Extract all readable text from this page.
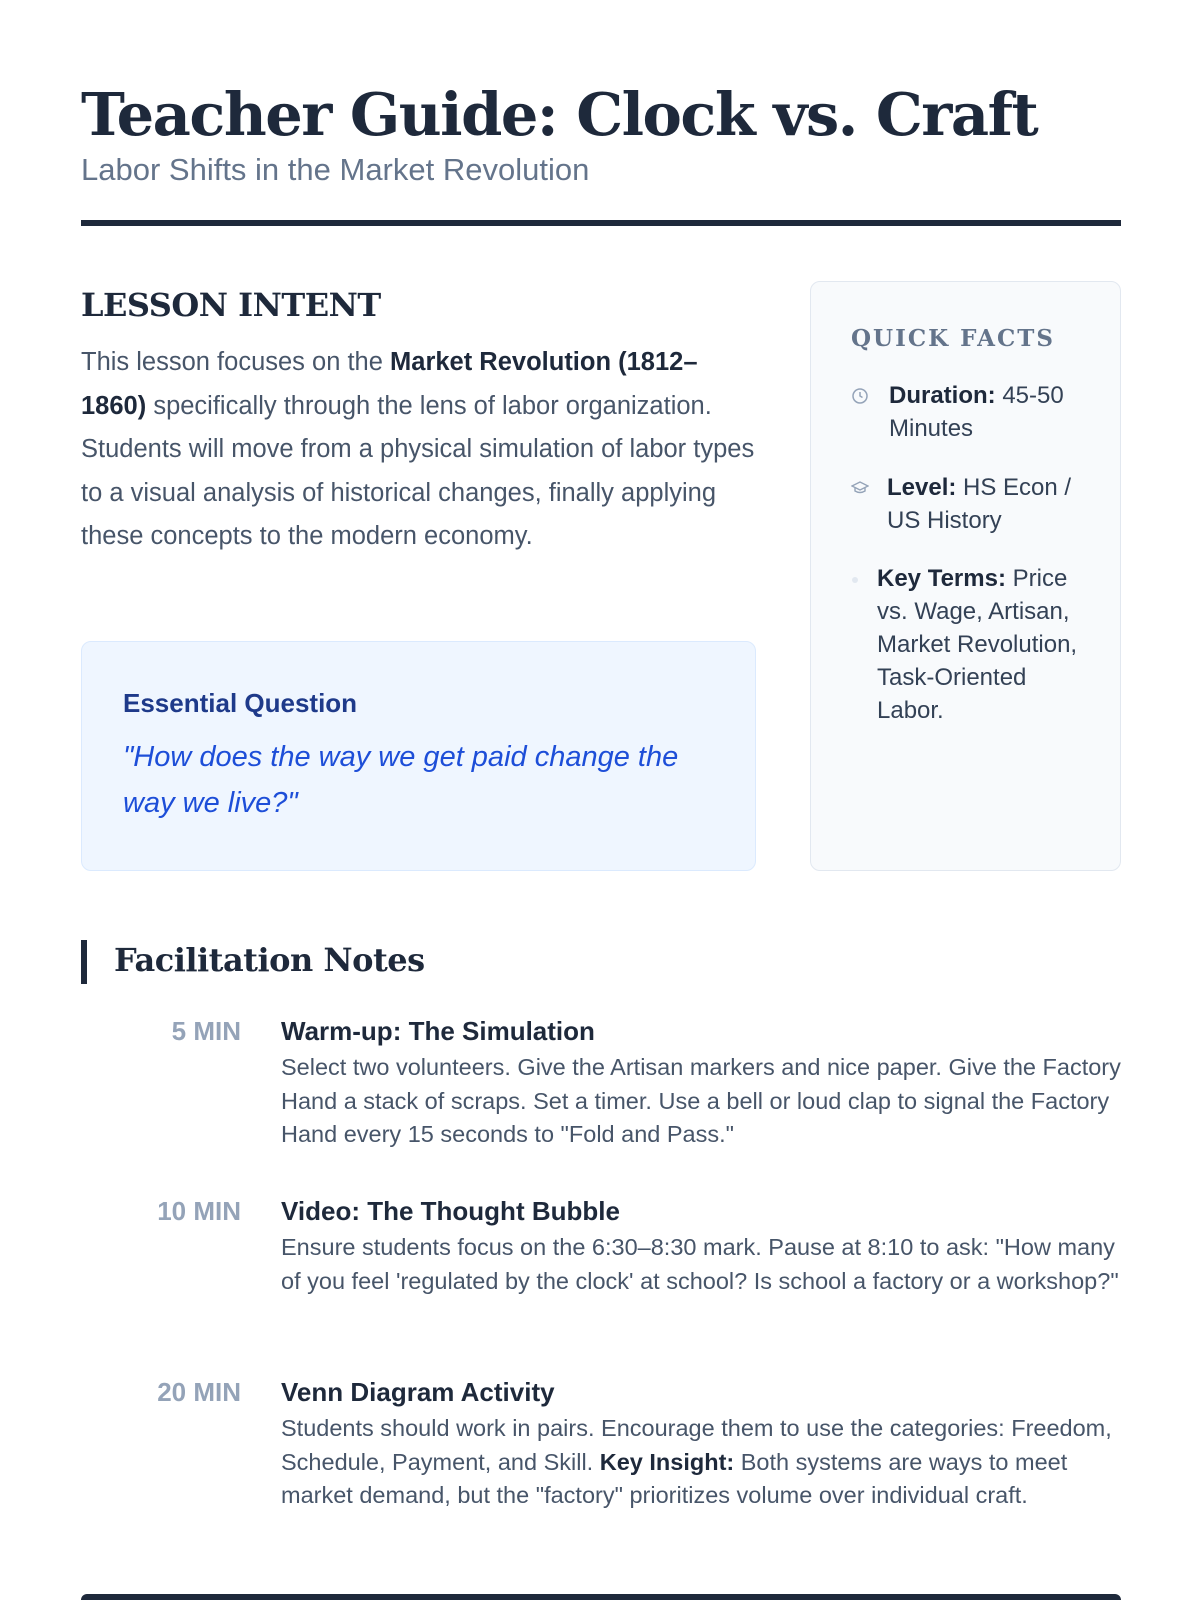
Teacher Guide: Clock vs. Craft
Labor Shifts in the Market Revolution
LESSON INTENT

This lesson focuses on the Market Revolution (1812–1860) specifically through the lens of labor organization. Students will move from a physical simulation of labor types to a visual analysis of historical changes, finally applying these concepts to the modern economy.

Essential Question
"How does the way we get paid change the way we live?"
QUICK FACTS
Duration: 45-50 Minutes
Level: HS Econ / US History
Key Terms: Price vs. Wage, Artisan, Market Revolution, Task-Oriented Labor.
Facilitation Notes
5 MIN Warm-up: The Simulation

Select two volunteers. Give the Artisan markers and nice paper. Give the Factory Hand a stack of scraps. Set a timer. Use a bell or loud clap to signal the Factory Hand every 15 seconds to "Fold and Pass."

10 MIN Video: The Thought Bubble

Ensure students focus on the 6:30–8:30 mark. Pause at 8:10 to ask: "How many of you feel 'regulated by the clock' at school? Is school a factory or a workshop?"

20 MIN Venn Diagram Activity

Students should work in pairs. Encourage them to use the categories: Freedom, Schedule, Payment, and Skill. Key Insight: Both systems are ways to meet market demand, but the "factory" prioritizes volume over individual craft.
